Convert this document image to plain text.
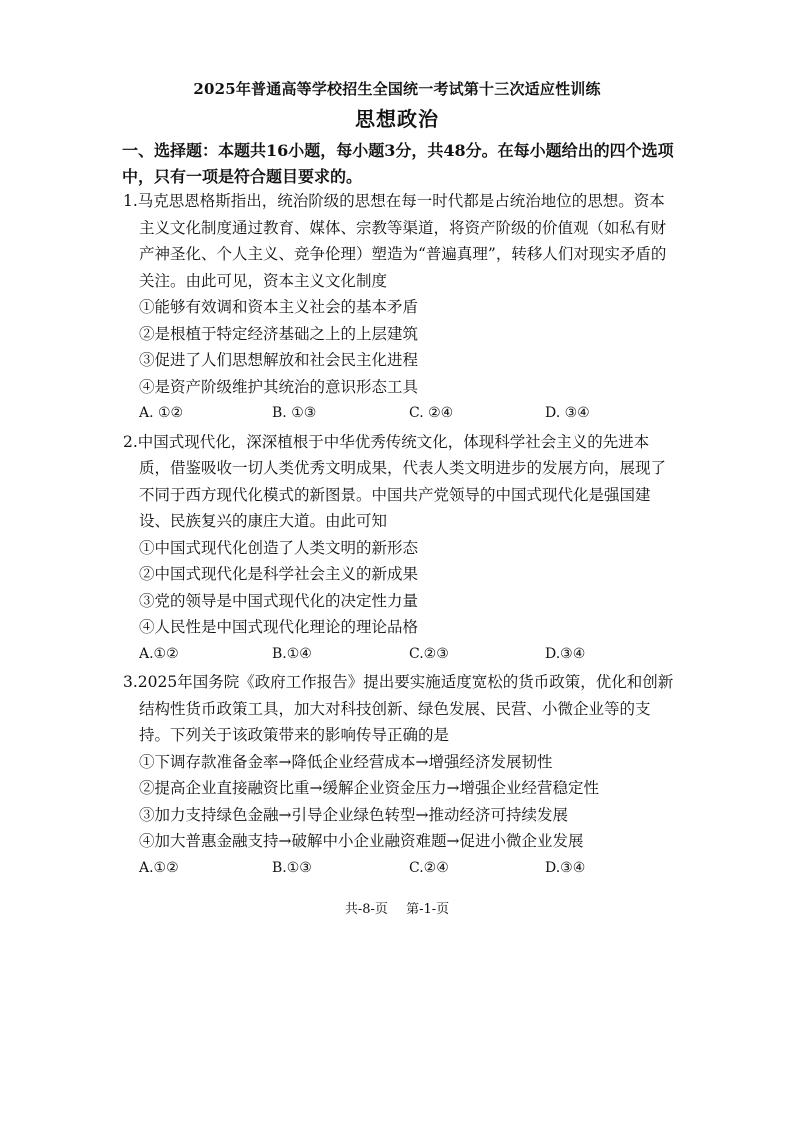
2025年普通高等学校招生全国统一考试第十三次适应性训练
思想政治
一、选择题：本题共16小题，每小题3分，共48分。在每小题给出的四个选项中，只有一项是符合题目要求的。
1.马克思恩格斯指出，统治阶级的思想在每一时代都是占统治地位的思想。资本主义文化制度通过教育、媒体、宗教等渠道，将资产阶级的价值观（如私有财产神圣化、个人主义、竞争伦理）塑造为“普遍真理”，转移人们对现实矛盾的关注。由此可见，资本主义文化制度
①能够有效调和资本主义社会的基本矛盾
②是根植于特定经济基础之上的上层建筑
③促进了人们思想解放和社会民主化进程
④是资产阶级维护其统治的意识形态工具
A. ①②	B. ①③	C. ②④	D. ③④
2.中国式现代化，深深植根于中华优秀传统文化，体现科学社会主义的先进本质，借鉴吸收一切人类优秀文明成果，代表人类文明进步的发展方向，展现了不同于西方现代化模式的新图景。中国共产党领导的中国式现代化是强国建设、民族复兴的康庄大道。由此可知
①中国式现代化创造了人类文明的新形态
②中国式现代化是科学社会主义的新成果
③党的领导是中国式现代化的决定性力量
④人民性是中国式现代化理论的理论品格
A.①②	B.①④	C.②③	D.③④
3.2025年国务院《政府工作报告》提出要实施适度宽松的货币政策，优化和创新结构性货币政策工具，加大对科技创新、绿色发展、民营、小微企业等的支持。下列关于该政策带来的影响传导正确的是
①下调存款准备金率→降低企业经营成本→增强经济发展韧性
②提高企业直接融资比重→缓解企业资金压力→增强企业经营稳定性
③加力支持绿色金融→引导企业绿色转型→推动经济可持续发展
④加大普惠金融支持→破解中小企业融资难题→促进小微企业发展
A.①②	B.①③	C.②④	D.③④
共-8-页 第-1-页
